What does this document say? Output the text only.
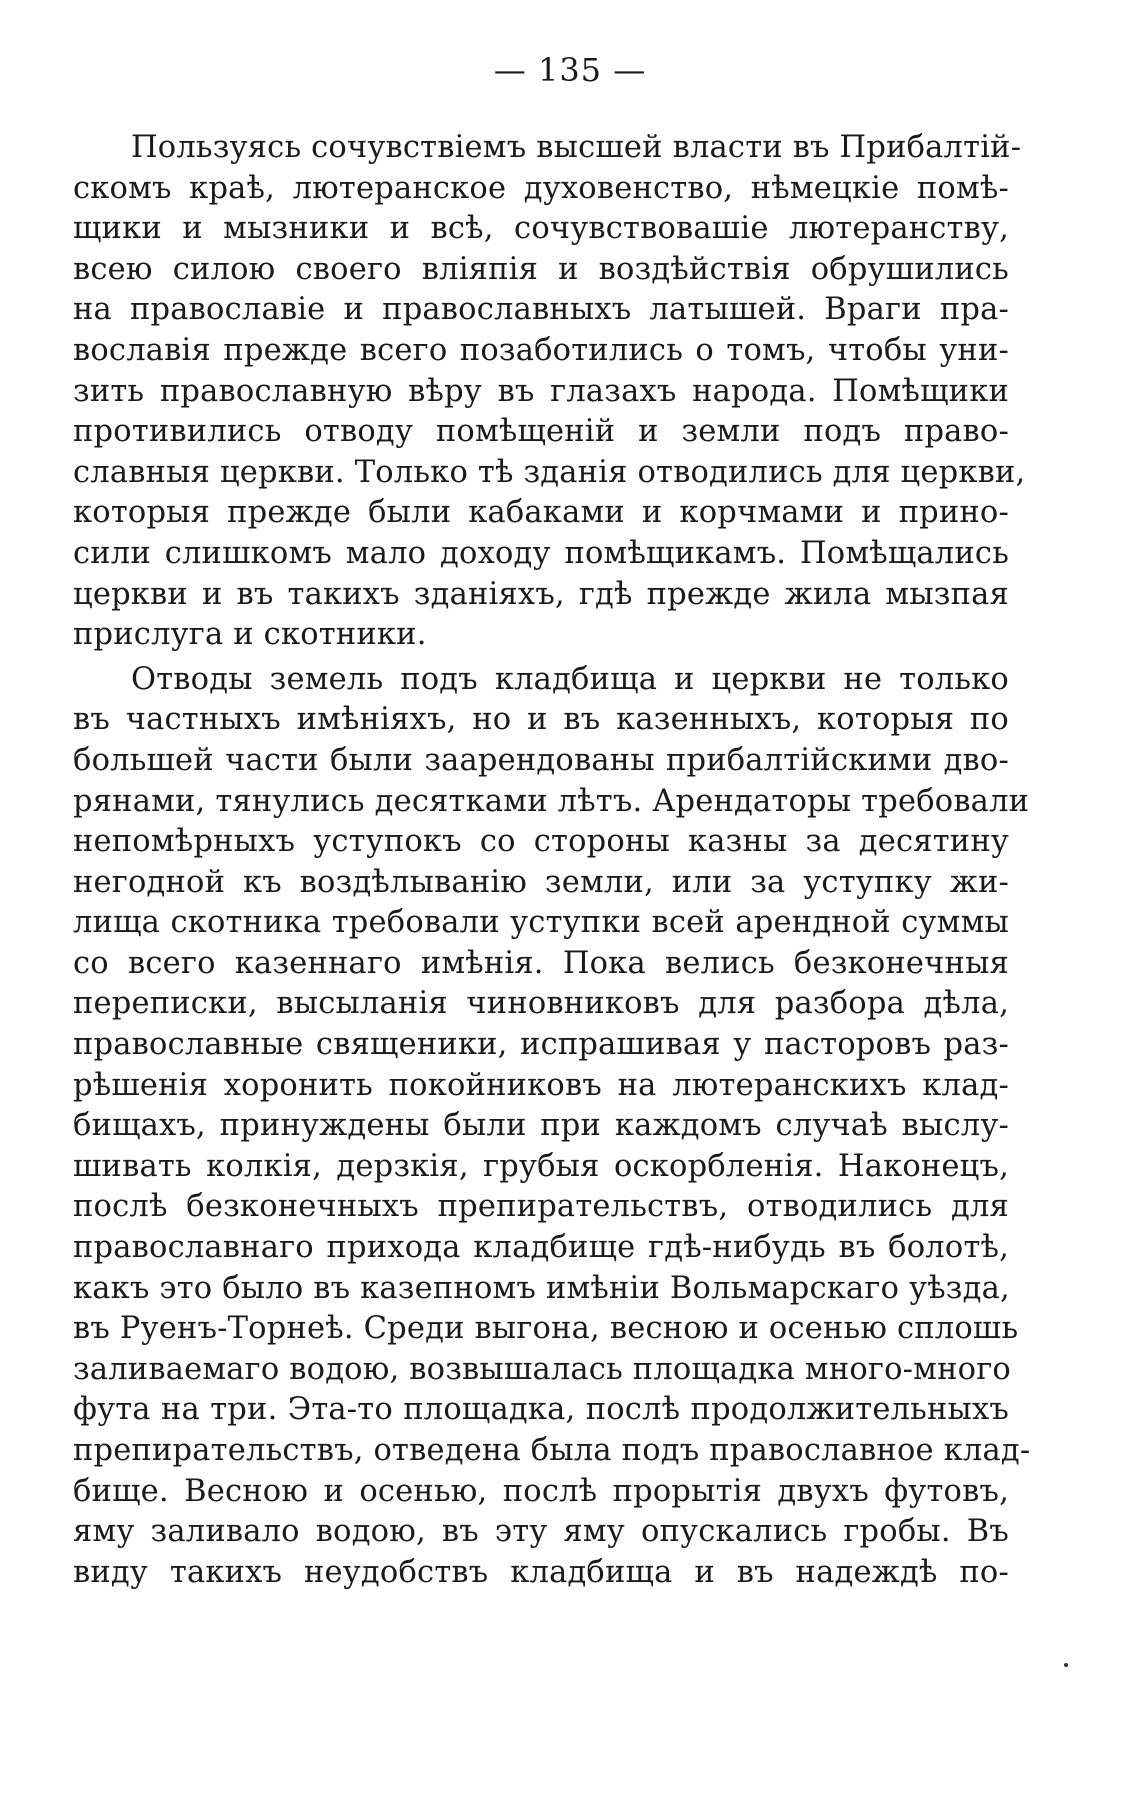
— 135 —
Пользуясь сочувствіемъ высшей власти въ Прибалтій-
скомъ краѣ, лютеранское духовенство, нѣмецкіе помѣ-
щики и мызники и всѣ, сочувствовашіе лютеранству,
всею силою своего вліяпія и воздѣйствія обрушились
на православіе и православныхъ латышей. Враги пра-
вославія прежде всего позаботились о томъ, чтобы уни-
зить православную вѣру въ глазахъ народа. Помѣщики
противились отводу помѣщеній и земли подъ право-
славныя церкви. Только тѣ зданія отводились для церкви,
которыя прежде были кабаками и корчмами и прино-
сили слишкомъ мало доходу помѣщикамъ. Помѣщались
церкви и въ такихъ зданіяхъ, гдѣ прежде жила мызпая
прислуга и скотники.
Отводы земель подъ кладбища и церкви не только
въ частныхъ имѣніяхъ, но и въ казенныхъ, которыя по
большей части были заарендованы прибалтійскими дво-
рянами, тянулись десятками лѣтъ. Арендаторы требовали
непомѣрныхъ уступокъ со стороны казны за десятину
негодной къ воздѣлыванію земли, или за уступку жи-
лища скотника требовали уступки всей арендной суммы
со всего казеннаго имѣнія. Пока велись безконечныя
переписки, высыланія чиновниковъ для разбора дѣла,
православные священики, испрашивая у пасторовъ раз-
рѣшенія хоронить покойниковъ на лютеранскихъ клад-
бищахъ, принуждены были при каждомъ случаѣ выслу-
шивать колкія, дерзкія, грубыя оскорбленія. Наконецъ,
послѣ безконечныхъ препирательствъ, отводились для
православнаго прихода кладбище гдѣ-нибудь въ болотѣ,
какъ это было въ казепномъ имѣніи Вольмарскаго уѣзда,
въ Руенъ-Торнеѣ. Среди выгона, весною и осенью сплошь
заливаемаго водою, возвышалась площадка много-много
фута на три. Эта-то площадка, послѣ продолжительныхъ
препирательствъ, отведена была подъ православное клад-
бище. Весною и осенью, послѣ прорытія двухъ футовъ,
яму заливало водою, въ эту яму опускались гробы. Въ
виду такихъ неудобствъ кладбища и въ надеждѣ по-
